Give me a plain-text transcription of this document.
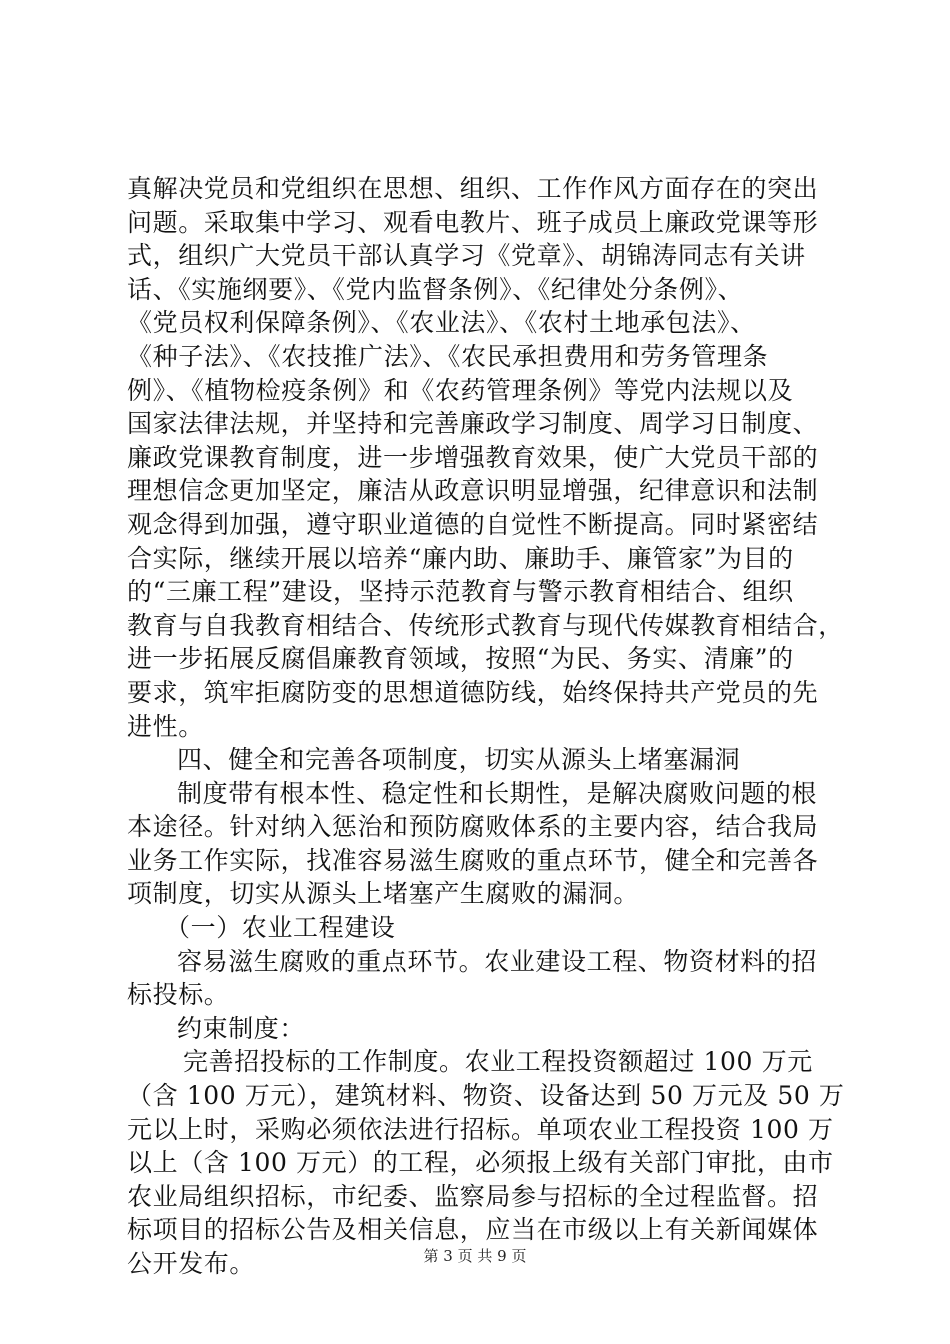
真解决党员和党组织在思想、组织、工作作风方面存在的突出
问题。采取集中学习、观看电教片、班子成员上廉政党课等形
式，组织广大党员干部认真学习《党章》、胡锦涛同志有关讲
话、《实施纲要》、《党内监督条例》、《纪律处分条例》、
《党员权利保障条例》、《农业法》、《农村土地承包法》、
《种子法》、《农技推广法》、《农民承担费用和劳务管理条
例》、《植物检疫条例》和《农药管理条例》等党内法规以及
国家法律法规，并坚持和完善廉政学习制度、周学习日制度、
廉政党课教育制度，进一步增强教育效果，使广大党员干部的
理想信念更加坚定，廉洁从政意识明显增强，纪律意识和法制
观念得到加强，遵守职业道德的自觉性不断提高。同时紧密结
合实际，继续开展以培养“廉内助、廉助手、廉管家”为目的
的“三廉工程”建设，坚持示范教育与警示教育相结合、组织
教育与自我教育相结合、传统形式教育与现代传媒教育相结合，
进一步拓展反腐倡廉教育领域，按照“为民、务实、清廉”的
要求，筑牢拒腐防变的思想道德防线，始终保持共产党员的先
进性。
四、健全和完善各项制度，切实从源头上堵塞漏洞
制度带有根本性、稳定性和长期性，是解决腐败问题的根
本途径。针对纳入惩治和预防腐败体系的主要内容，结合我局
业务工作实际，找准容易滋生腐败的重点环节，健全和完善各
项制度，切实从源头上堵塞产生腐败的漏洞。
（一）农业工程建设
容易滋生腐败的重点环节。农业建设工程、物资材料的招
标投标。
约束制度：
完善招投标的工作制度。农业工程投资额超过 100 万元
（含 100 万元），建筑材料、物资、设备达到 50 万元及 50 万
元以上时，采购必须依法进行招标。单项农业工程投资 100 万
以上（含 100 万元）的工程，必须报上级有关部门审批，由市
农业局组织招标，市纪委、监察局参与招标的全过程监督。招
标项目的招标公告及相关信息，应当在市级以上有关新闻媒体
公开发布。	第 3 页 共 9 页
